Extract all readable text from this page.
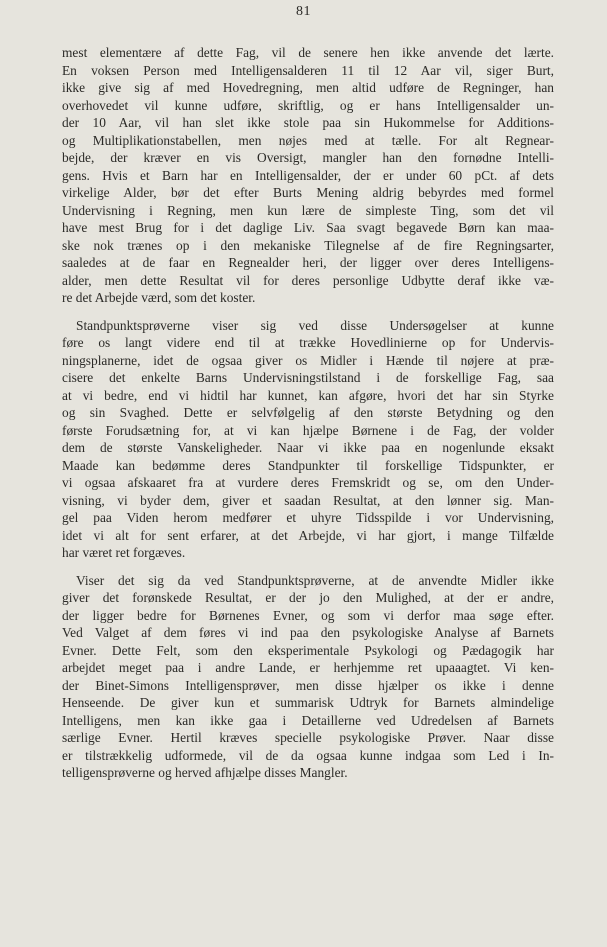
81
mest elementære af dette Fag, vil de senere hen ikke anvende det lærte.
En voksen Person med Intelligensalderen 11 til 12 Aar vil, siger Burt,
ikke give sig af med Hovedregning, men altid udføre de Regninger, han
overhovedet vil kunne udføre, skriftlig, og er hans Intelligensalder un-
der 10 Aar, vil han slet ikke stole paa sin Hukommelse for Additions-
og Multiplikationstabellen, men nøjes med at tælle. For alt Regnear-
bejde, der kræver en vis Oversigt, mangler han den fornødne Intelli-
gens. Hvis et Barn har en Intelligensalder, der er under 60 pCt. af dets
virkelige Alder, bør det efter Burts Mening aldrig bebyrdes med formel
Undervisning i Regning, men kun lære de simpleste Ting, som det vil
have mest Brug for i det daglige Liv. Saa svagt begavede Børn kan maa-
ske nok trænes op i den mekaniske Tilegnelse af de fire Regningsarter,
saaledes at de faar en Regnealder heri, der ligger over deres Intelligens-
alder, men dette Resultat vil for deres personlige Udbytte deraf ikke væ-
re det Arbejde værd, som det koster.
Standpunktsprøverne viser sig ved disse Undersøgelser at kunne
føre os langt videre end til at trække Hovedlinierne op for Undervis-
ningsplanerne, idet de ogsaa giver os Midler i Hænde til nøjere at præ-
cisere det enkelte Barns Undervisningstilstand i de forskellige Fag, saa
at vi bedre, end vi hidtil har kunnet, kan afgøre, hvori det har sin Styrke
og sin Svaghed. Dette er selvfølgelig af den største Betydning og den
første Forudsætning for, at vi kan hjælpe Børnene i de Fag, der volder
dem de største Vanskeligheder. Naar vi ikke paa en nogenlunde eksakt
Maade kan bedømme deres Standpunkter til forskellige Tidspunkter, er
vi ogsaa afskaaret fra at vurdere deres Fremskridt og se, om den Under-
visning, vi byder dem, giver et saadan Resultat, at den lønner sig. Man-
gel paa Viden herom medfører et uhyre Tidsspilde i vor Undervisning,
idet vi alt for sent erfarer, at det Arbejde, vi har gjort, i mange Tilfælde
har været ret forgæves.
Viser det sig da ved Standpunktsprøverne, at de anvendte Midler ikke
giver det forønskede Resultat, er der jo den Mulighed, at der er andre,
der ligger bedre for Børnenes Evner, og som vi derfor maa søge efter.
Ved Valget af dem føres vi ind paa den psykologiske Analyse af Barnets
Evner. Dette Felt, som den eksperimentale Psykologi og Pædagogik har
arbejdet meget paa i andre Lande, er herhjemme ret upaaagtet. Vi ken-
der Binet-Simons Intelligensprøver, men disse hjælper os ikke i denne
Henseende. De giver kun et summarisk Udtryk for Barnets almindelige
Intelligens, men kan ikke gaa i Detaillerne ved Udredelsen af Barnets
særlige Evner. Hertil kræves specielle psykologiske Prøver. Naar disse
er tilstrækkelig udformede, vil de da ogsaa kunne indgaa som Led i In-
telligensprøverne og herved afhjælpe disses Mangler.
